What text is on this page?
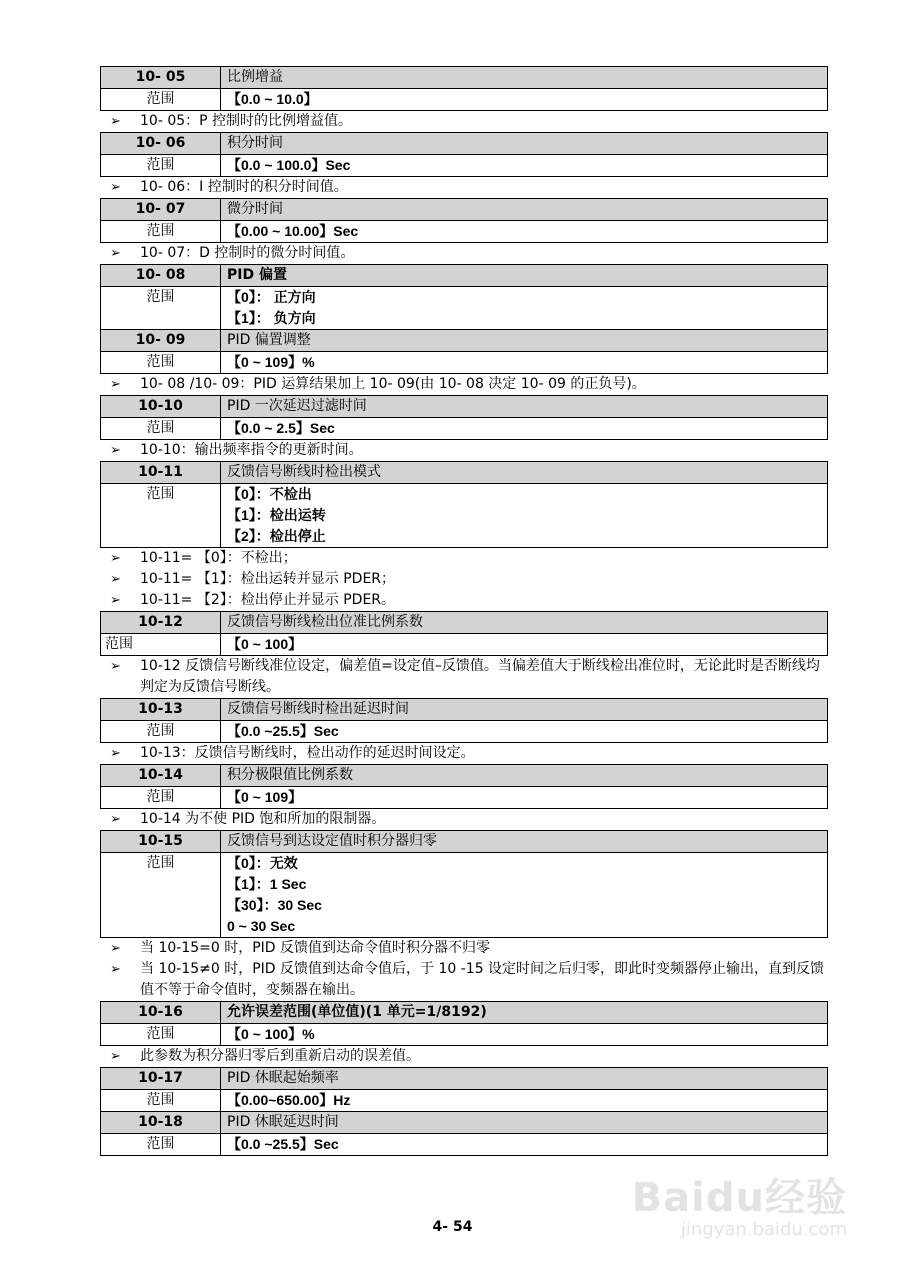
10- 05	比例增益
范围	【0.0 ~ 10.0】
➢	10- 05：P 控制时的比例增益值。
10- 06	积分时间
范围	【0.0 ~ 100.0】Sec
➢	10- 06：I 控制时的积分时间值。
10- 07	微分时间
范围	【0.00 ~ 10.00】Sec
➢	10- 07：D 控制时的微分时间值。
10- 08	PID 偏置
范围	【0】： 正方向
【1】： 负方向

10- 09	PID 偏置调整
范围	【0 ~ 109】%
➢	10- 08 /10- 09：PID 运算结果加上 10- 09(由 10- 08 决定 10- 09 的正负号)。
10-10	PID 一次延迟过滤时间
范围	【0.0 ~ 2.5】Sec
➢	10-10：输出频率指令的更新时间。
10-11	反馈信号断线时检出模式
范围	【0】：不检出
【1】：检出运转
【2】：检出停止
➢	10-11= 【0】：不检出；
➢	10-11= 【1】：检出运转并显示 PDER；
➢	10-11= 【2】：检出停止并显示 PDER。
10-12	反馈信号断线检出位准比例系数
范围	【0 ~ 100】
➢	10-12 反馈信号断线准位设定，偏差值=设定值–反馈值。当偏差值大于断线检出准位时，无论此时是否断线均判定为反馈信号断线。
10-13	反馈信号断线时检出延迟时间
范围	【0.0 ~25.5】Sec
➢	10-13：反馈信号断线时，检出动作的延迟时间设定。
10-14	积分极限值比例系数
范围	【0 ~ 109】
➢	10-14 为不使 PID 饱和所加的限制器。
10-15	反馈信号到达设定值时积分器归零
范围	【0】：无效
【1】：1 Sec
【30】：30 Sec
0 ~ 30 Sec
➢	当 10-15=0 时，PID 反馈值到达命令值时积分器不归零
➢	当 10-15≠0 时，PID 反馈值到达命令值后，于 10 -15 设定时间之后归零，即此时变频器停止输出，直到反馈值不等于命令值时，变频器在输出。
10-16	允许误差范围(单位值)(1 单元=1/8192)
范围	【0 ~ 100】%
➢	此参数为积分器归零后到重新启动的误差值。
10-17	PID 休眠起始频率
范围	【0.00~650.00】Hz
10-18	PID 休眠延迟时间
范围	【0.0 ~25.5】Sec
Baidu经验
jingyan.baidu.com
4- 54
